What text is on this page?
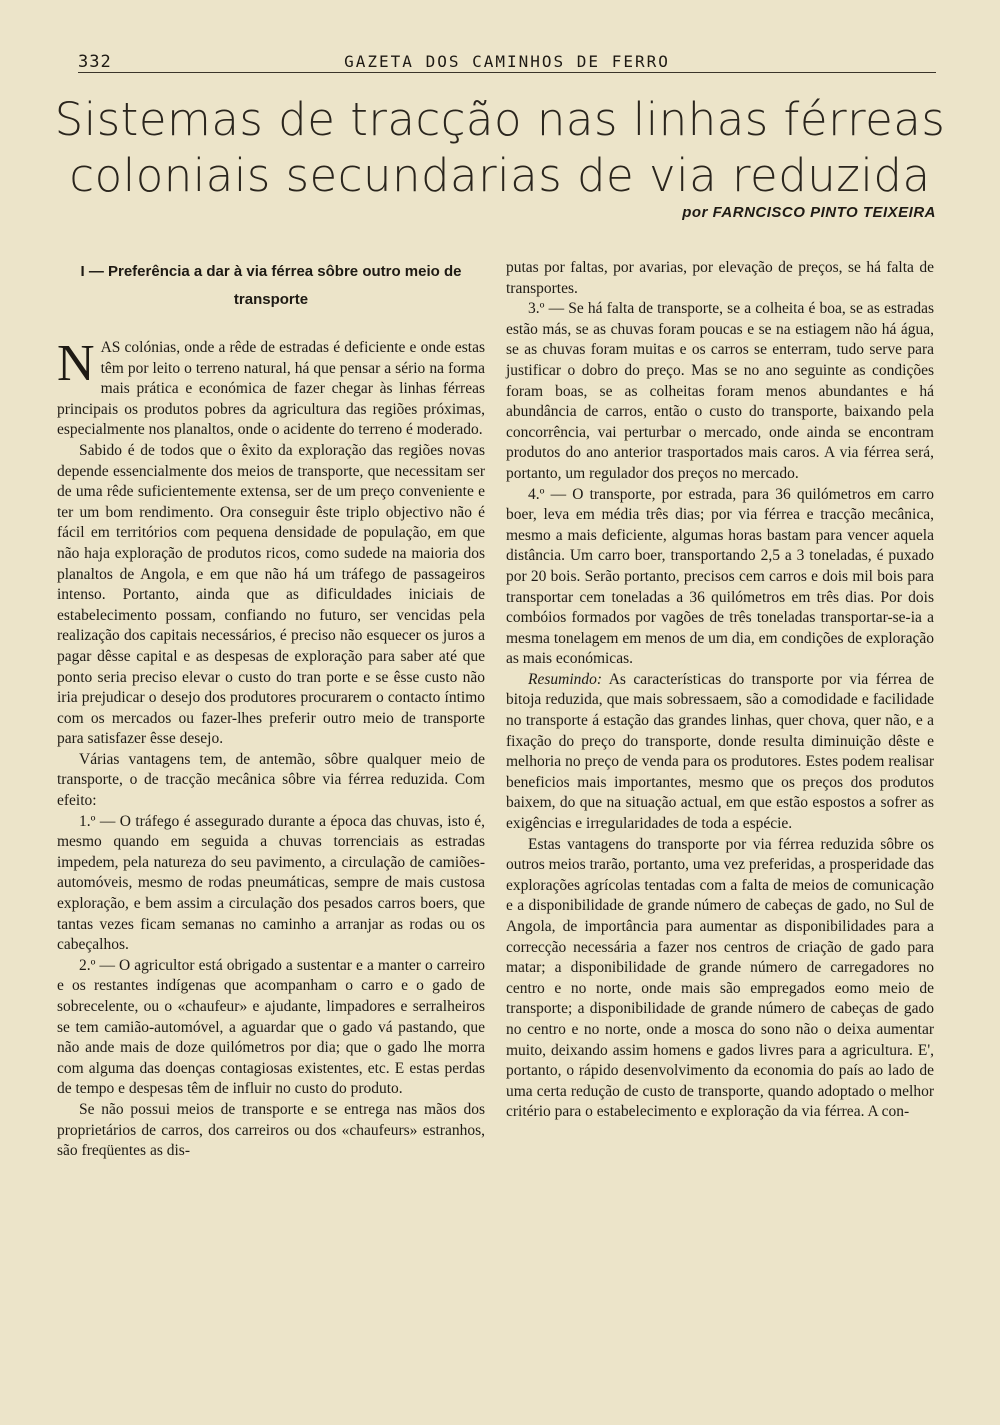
332	GAZETA DOS CAMINHOS DE FERRO
Sistemas de tracção nas linhas férreas
coloniais secundarias de via reduzida
por FARNCISCO PINTO TEIXEIRA
I — Preferência a dar à via férrea sôbre outro meio de transporte

NAS colónias, onde a rêde de estradas é deficiente e onde estas têm por leito o terreno natural, há que pensar a sério na forma mais prática e económica de fazer chegar às linhas férreas principais os produtos pobres da agricultura das regiões próximas, especialmente nos planaltos, onde o acidente do terreno é moderado.

Sabido é de todos que o êxito da exploração das regiões novas depende essencialmente dos meios de transporte, que necessitam ser de uma rêde suficientemente extensa, ser de um preço conveniente e ter um bom rendimento. Ora conseguir êste triplo objectivo não é fácil em territórios com pequena densidade de população, em que não haja exploração de produtos ricos, como sudede na maioria dos planaltos de Angola, e em que não há um tráfego de passageiros intenso. Portanto, ainda que as dificuldades iniciais de estabelecimento possam, confiando no futuro, ser vencidas pela realização dos capitais necessários, é preciso não esquecer os juros a pagar dêsse capital e as despesas de exploração para saber até que ponto seria preciso elevar o custo do tran porte e se êsse custo não iria prejudicar o desejo dos produtores procurarem o contacto íntimo com os mercados ou fazer-lhes preferir outro meio de transporte para satisfazer êsse desejo.

Várias vantagens tem, de antemão, sôbre qualquer meio de transporte, o de tracção mecânica sôbre via férrea reduzida. Com efeito:

1.º — O tráfego é assegurado durante a época das chuvas, isto é, mesmo quando em seguida a chuvas torrenciais as estradas impedem, pela natureza do seu pavimento, a circulação de camiões-automóveis, mesmo de rodas pneumáticas, sempre de mais custosa exploração, e bem assim a circulação dos pesados carros boers, que tantas vezes ficam semanas no caminho a arranjar as rodas ou os cabeçalhos.

2.º — O agricultor está obrigado a sustentar e a manter o carreiro e os restantes indígenas que acompanham o carro e o gado de sobrecelente, ou o «chaufeur» e ajudante, limpadores e serralheiros se tem camião-automóvel, a aguardar que o gado vá pastando, que não ande mais de doze quilómetros por dia; que o gado lhe morra com alguma das doenças contagiosas existentes, etc. E estas perdas de tempo e despesas têm de influir no custo do produto.

Se não possui meios de transporte e se entrega nas mãos dos proprietários de carros, dos carreiros ou dos «chaufeurs» estranhos, são freqüentes as dis-

putas por faltas, por avarias, por elevação de preços, se há falta de transportes.

3.º — Se há falta de transporte, se a colheita é boa, se as estradas estão más, se as chuvas foram poucas e se na estiagem não há água, se as chuvas foram muitas e os carros se enterram, tudo serve para justificar o dobro do preço. Mas se no ano seguinte as condições foram boas, se as colheitas foram menos abundantes e há abundância de carros, então o custo do transporte, baixando pela concorrência, vai perturbar o mercado, onde ainda se encontram produtos do ano anterior trasportados mais caros. A via férrea será, portanto, um regulador dos preços no mercado.

4.º — O transporte, por estrada, para 36 quilómetros em carro boer, leva em média três dias; por via férrea e tracção mecânica, mesmo a mais deficiente, algumas horas bastam para vencer aquela distância. Um carro boer, transportando 2,5 a 3 toneladas, é puxado por 20 bois. Serão portanto, precisos cem carros e dois mil bois para transportar cem toneladas a 36 quilómetros em três dias. Por dois combóios formados por vagões de três toneladas transportar-se-ia a mesma tonelagem em menos de um dia, em condições de exploração as mais económicas.

Resumindo: As características do transporte por via férrea de bitoja reduzida, que mais sobressaem, são a comodidade e facilidade no transporte á estação das grandes linhas, quer chova, quer não, e a fixação do preço do transporte, donde resulta diminuição dêste e melhoria no preço de venda para os produtores. Estes podem realisar beneficios mais importantes, mesmo que os preços dos produtos baixem, do que na situação actual, em que estão espostos a sofrer as exigências e irregularidades de toda a espécie.

Estas vantagens do transporte por via férrea reduzida sôbre os outros meios trarão, portanto, uma vez preferidas, a prosperidade das explorações agrícolas tentadas com a falta de meios de comunicação e a disponibilidade de grande número de cabeças de gado, no Sul de Angola, de importância para aumentar as disponibilidades para a correcção necessária a fazer nos centros de criação de gado para matar; a disponibilidade de grande número de carregadores no centro e no norte, onde mais são empregados eomo meio de transporte; a disponibilidade de grande número de cabeças de gado no centro e no norte, onde a mosca do sono não o deixa aumentar muito, deixando assim homens e gados livres para a agricultura. E', portanto, o rápido desenvolvimento da economia do país ao lado de uma certa redução de custo de transporte, quando adoptado o melhor critério para o estabelecimento e exploração da via férrea. A con-
